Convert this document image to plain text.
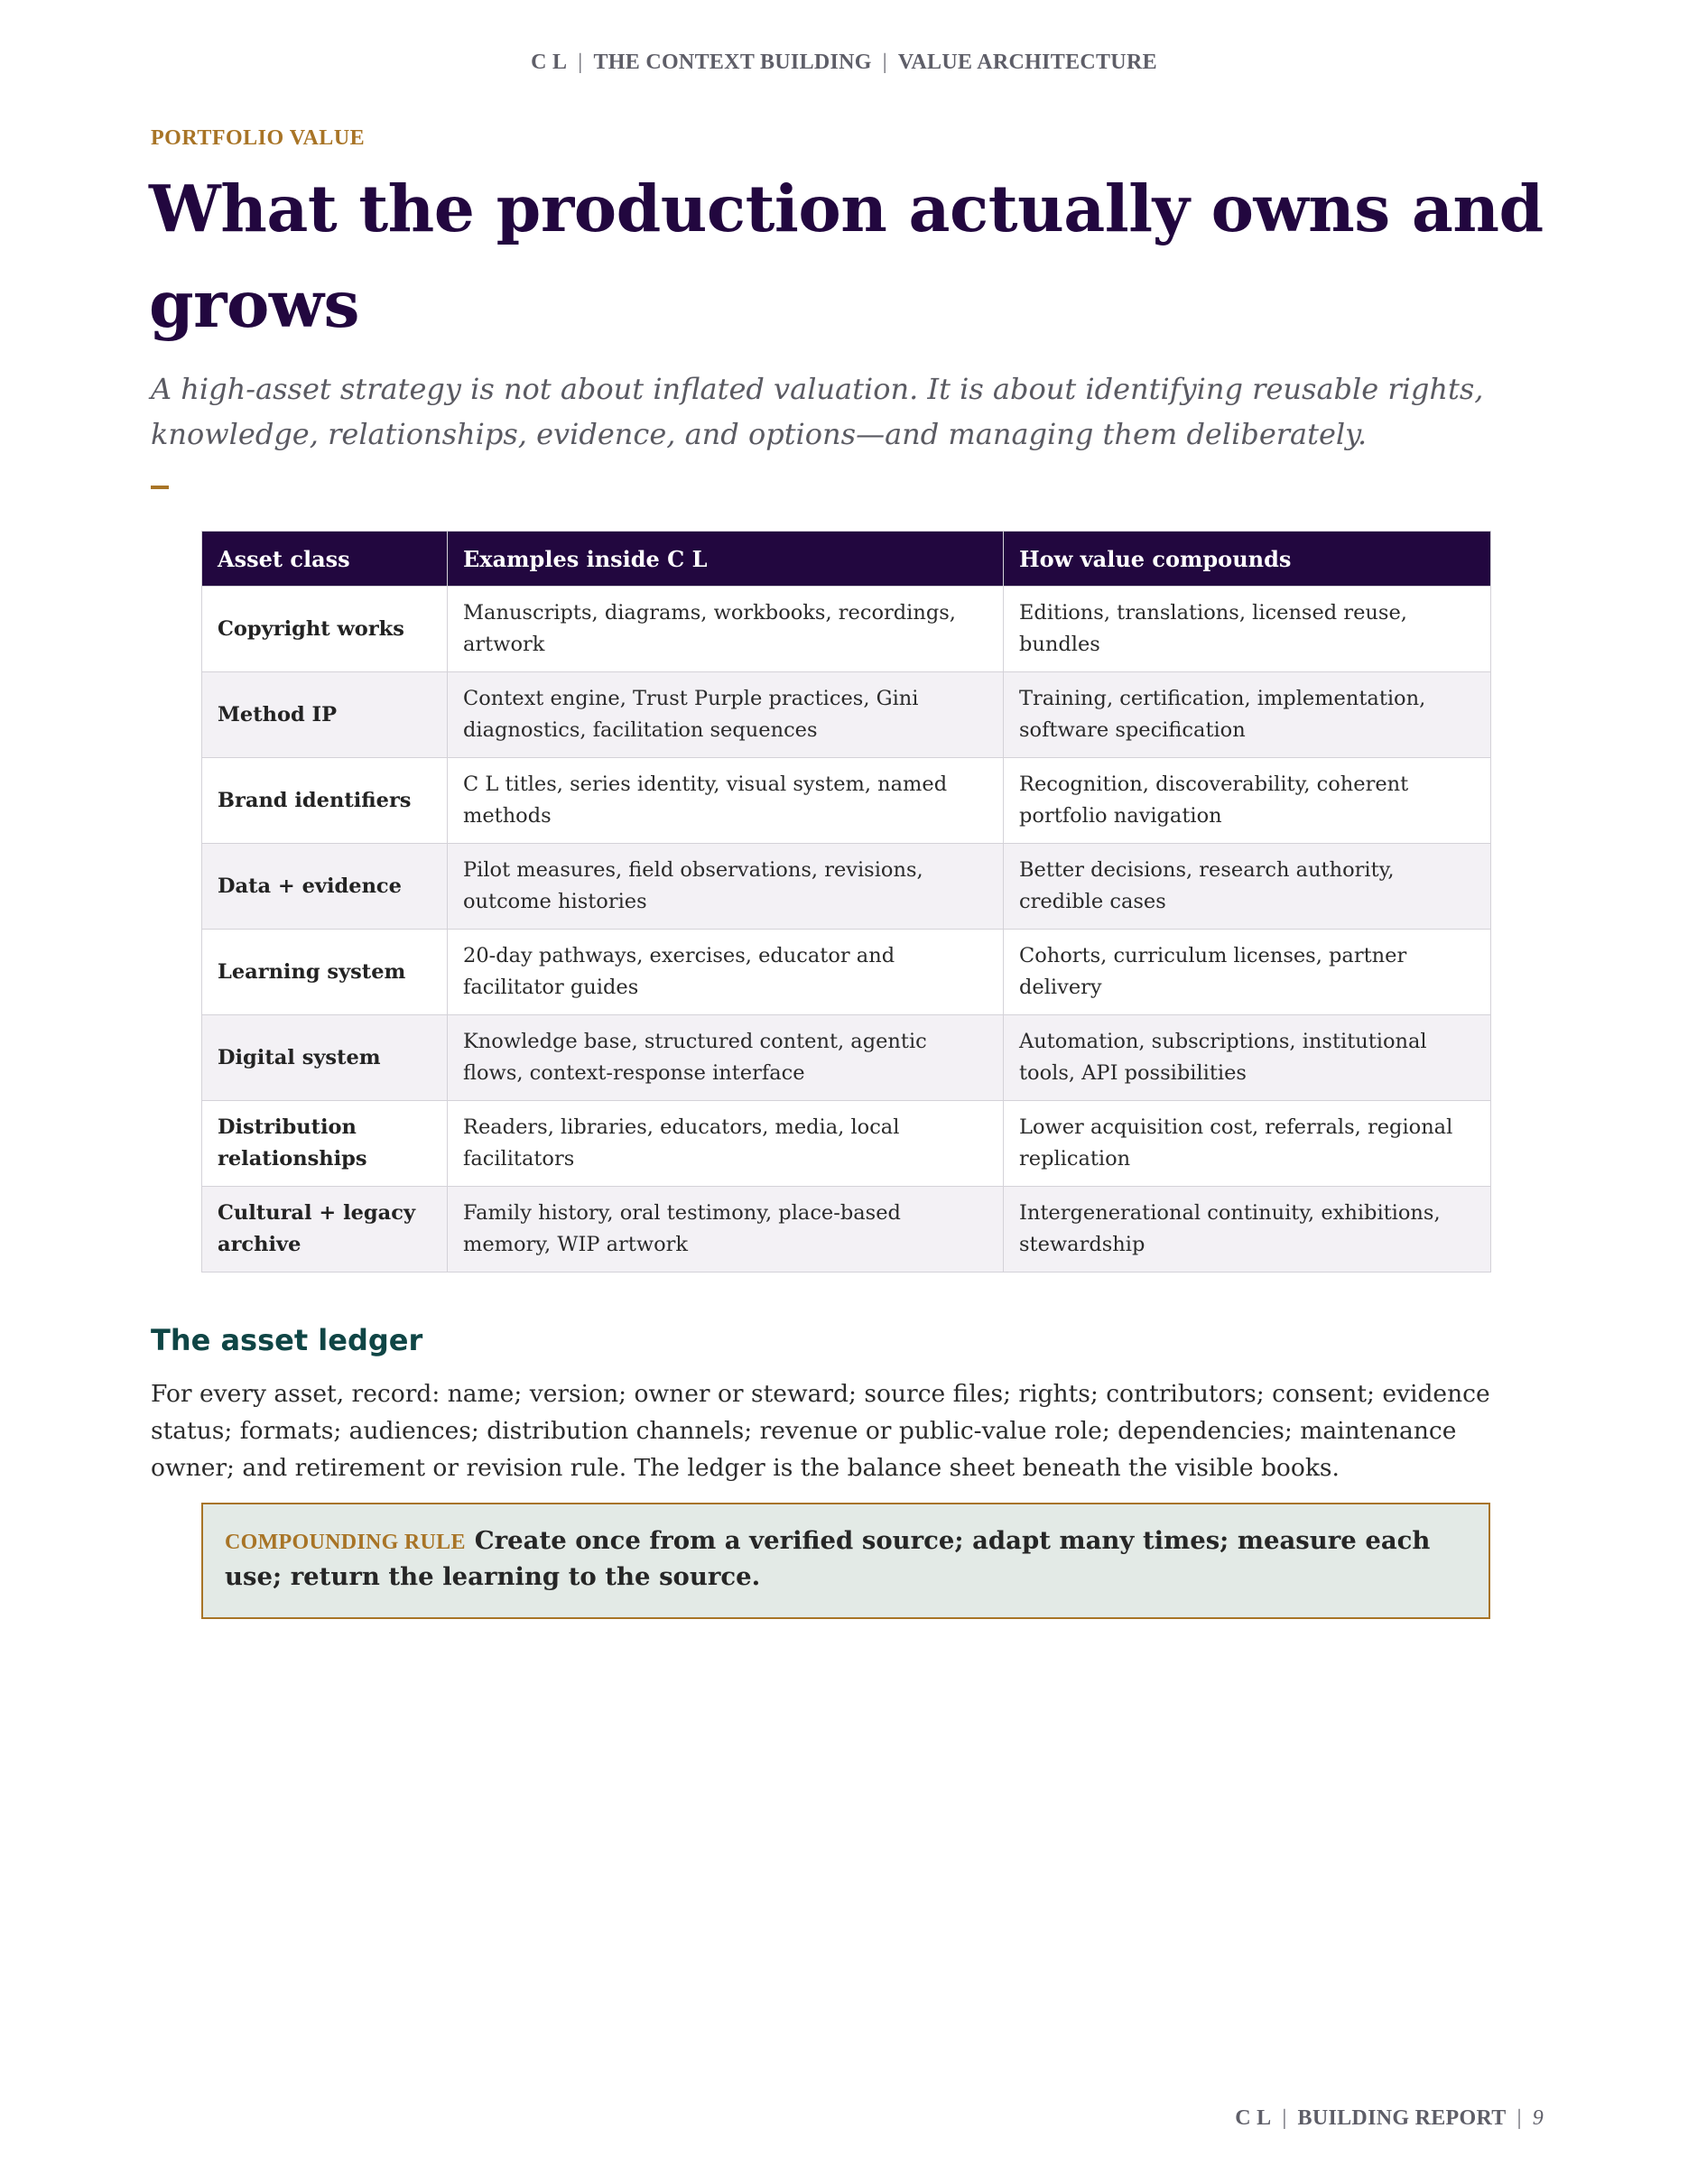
C L | THE CONTEXT BUILDING | VALUE ARCHITECTURE
PORTFOLIO VALUE
What the production actually owns and grows

A high-asset strategy is not about inflated valuation. It is about identifying reusable rights, knowledge, relationships, evidence, and options—and managing them deliberately.

Asset class	Examples inside C L	How value compounds
Copyright works	Manuscripts, diagrams, workbooks, recordings, artwork	Editions, translations, licensed reuse, bundles
Method IP	Context engine, Trust Purple practices, Gini diagnostics, facilitation sequences	Training, certification, implementation, software specification
Brand identifiers	C L titles, series identity, visual system, named methods	Recognition, discoverability, coherent portfolio navigation
Data + evidence	Pilot measures, field observations, revisions, outcome histories	Better decisions, research authority, credible cases
Learning system	20-day pathways, exercises, educator and facilitator guides	Cohorts, curriculum licenses, partner delivery
Digital system	Knowledge base, structured content, agentic flows, context-response interface	Automation, subscriptions, institutional tools, API possibilities
Distribution relationships	Readers, libraries, educators, media, local facilitators	Lower acquisition cost, referrals, regional replication
Cultural + legacy archive	Family history, oral testimony, place-based memory, WIP artwork	Intergenerational continuity, exhibitions, stewardship
The asset ledger

For every asset, record: name; version; owner or steward; source files; rights; contributors; consent; evidence status; formats; audiences; distribution channels; revenue or public-value role; dependencies; maintenance owner; and retirement or revision rule. The ledger is the balance sheet beneath the visible books.

COMPOUNDING RULE Create once from a verified source; adapt many times; measure each use; return the learning to the source.
C L | BUILDING REPORT | 9
